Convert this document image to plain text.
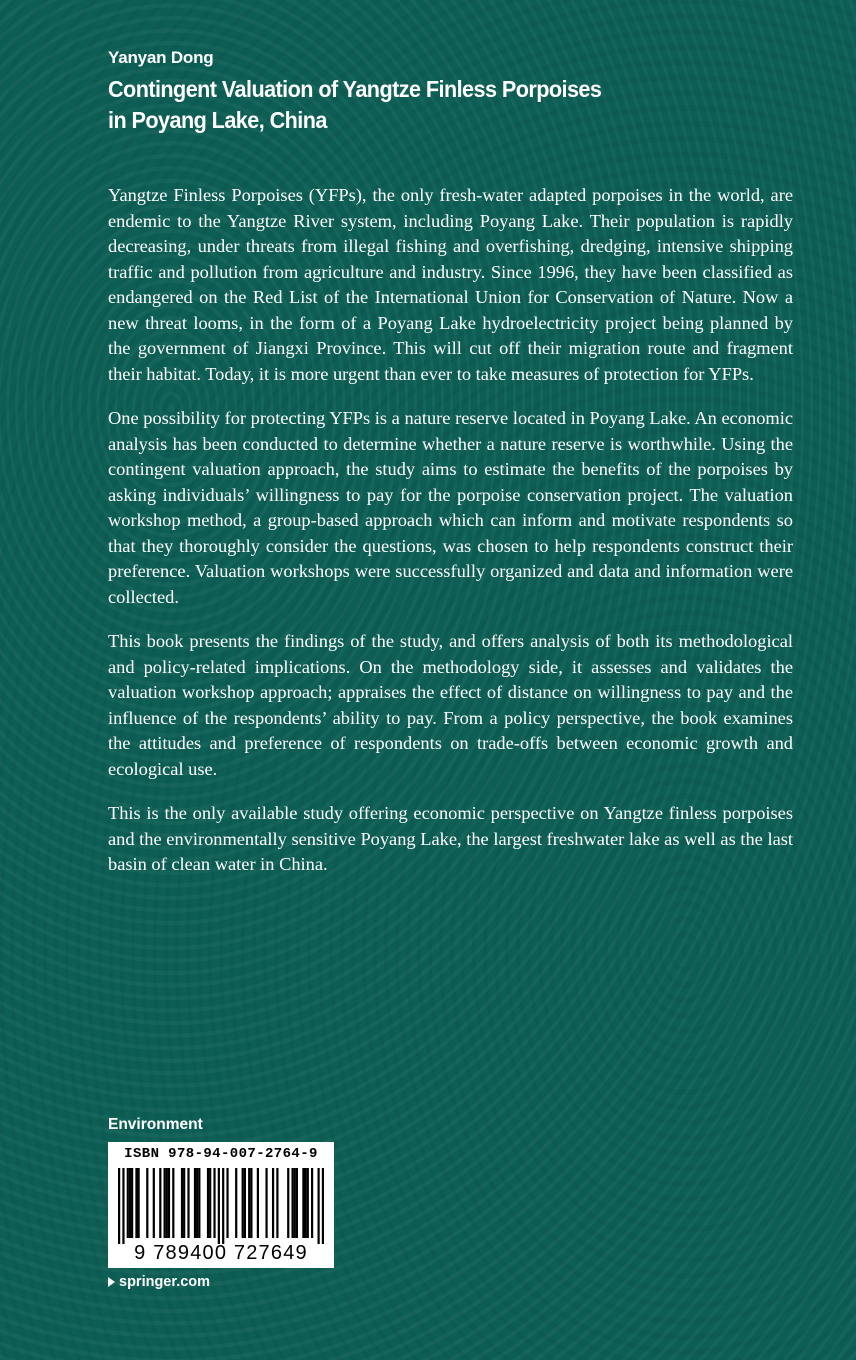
Yanyan Dong
Contingent Valuation of Yangtze Finless Porpoises
in Poyang Lake, China

Yangtze Finless Porpoises (YFPs), the only fresh-water adapted porpoises in the world, are endemic to the Yangtze River system, including Poyang Lake. Their population is rapidly decreasing, under threats from illegal fishing and overfishing, dredging, intensive shipping traffic and pollution from agriculture and industry. Since 1996, they have been classified as endangered on the Red List of the International Union for Conservation of Nature. Now a new threat looms, in the form of a Poyang Lake hydroelectricity project being planned by the government of Jiangxi Province. This will cut off their migration route and fragment their habitat. Today, it is more urgent than ever to take measures of protection for YFPs.

One possibility for protecting YFPs is a nature reserve located in Poyang Lake. An economic analysis has been conducted to determine whether a nature reserve is worthwhile. Using the contingent valuation approach, the study aims to estimate the benefits of the porpoises by asking individuals’ willingness to pay for the porpoise conservation project. The valuation workshop method, a group-based approach which can inform and motivate respondents so that they thoroughly consider the questions, was chosen to help respondents construct their preference. Valuation workshops were successfully organized and data and information were collected.

This book presents the findings of the study, and offers analysis of both its methodological and policy-related implications. On the methodology side, it assesses and validates the valuation workshop approach; appraises the effect of distance on willingness to pay and the influence of the respondents’ ability to pay. From a policy perspective, the book examines the attitudes and preference of respondents on trade-offs between economic growth and ecological use.

This is the only available study offering economic perspective on Yangtze finless porpoises and the environmentally sensitive Poyang Lake, the largest freshwater lake as well as the last basin of clean water in China.

Environment
ISBN 978-94-007-2764-9
9 789400 727649
springer.com
